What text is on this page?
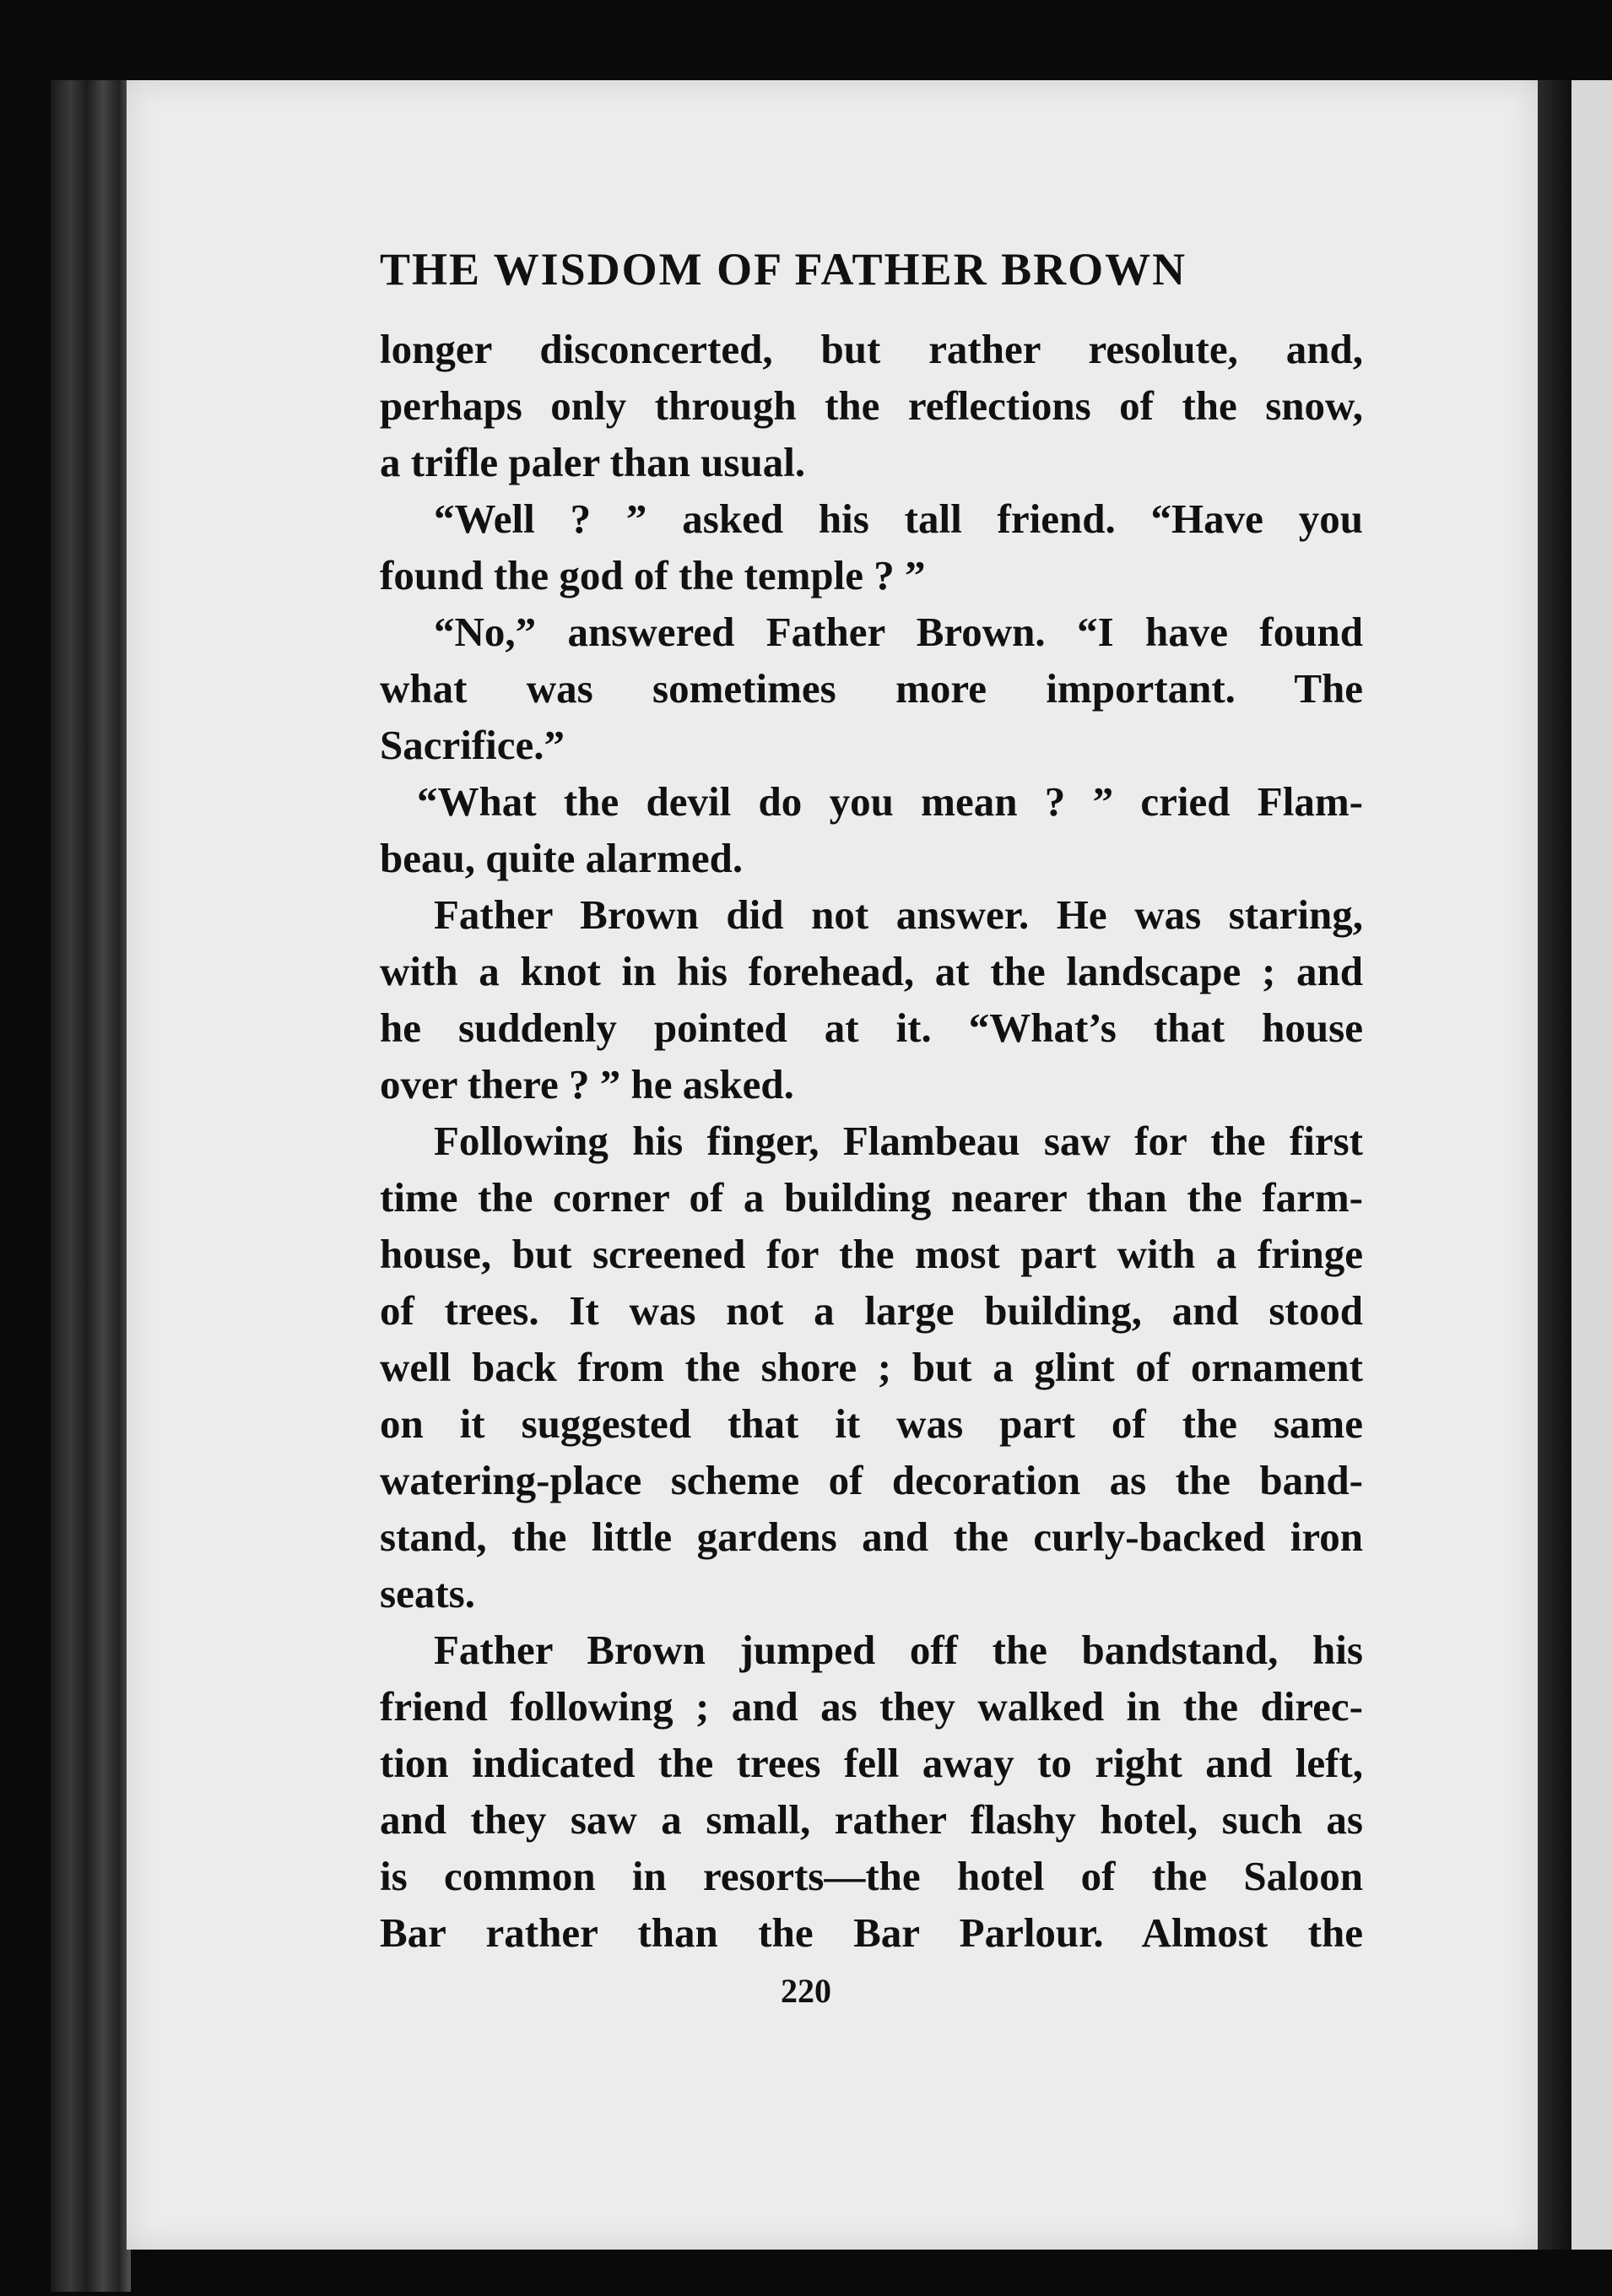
THE WISDOM OF FATHER BROWN
longer disconcerted, but rather resolute, and,
perhaps only through the reflections of the snow,
a trifle paler than usual.
“Well ? ” asked his tall friend. “Have you
found the god of the temple ? ”
“No,” answered Father Brown. “I have found
what was sometimes more important. The
Sacrifice.”
“What the devil do you mean ? ” cried Flam-
beau, quite alarmed.
Father Brown did not answer. He was staring,
with a knot in his forehead, at the landscape ; and
he suddenly pointed at it. “What’s that house
over there ? ” he asked.
Following his finger, Flambeau saw for the first
time the corner of a building nearer than the farm-
house, but screened for the most part with a fringe
of trees. It was not a large building, and stood
well back from the shore ; but a glint of ornament
on it suggested that it was part of the same
watering-place scheme of decoration as the band-
stand, the little gardens and the curly-backed iron
seats.
Father Brown jumped off the bandstand, his
friend following ; and as they walked in the direc-
tion indicated the trees fell away to right and left,
and they saw a small, rather flashy hotel, such as
is common in resorts—the hotel of the Saloon
Bar rather than the Bar Parlour. Almost the
220
